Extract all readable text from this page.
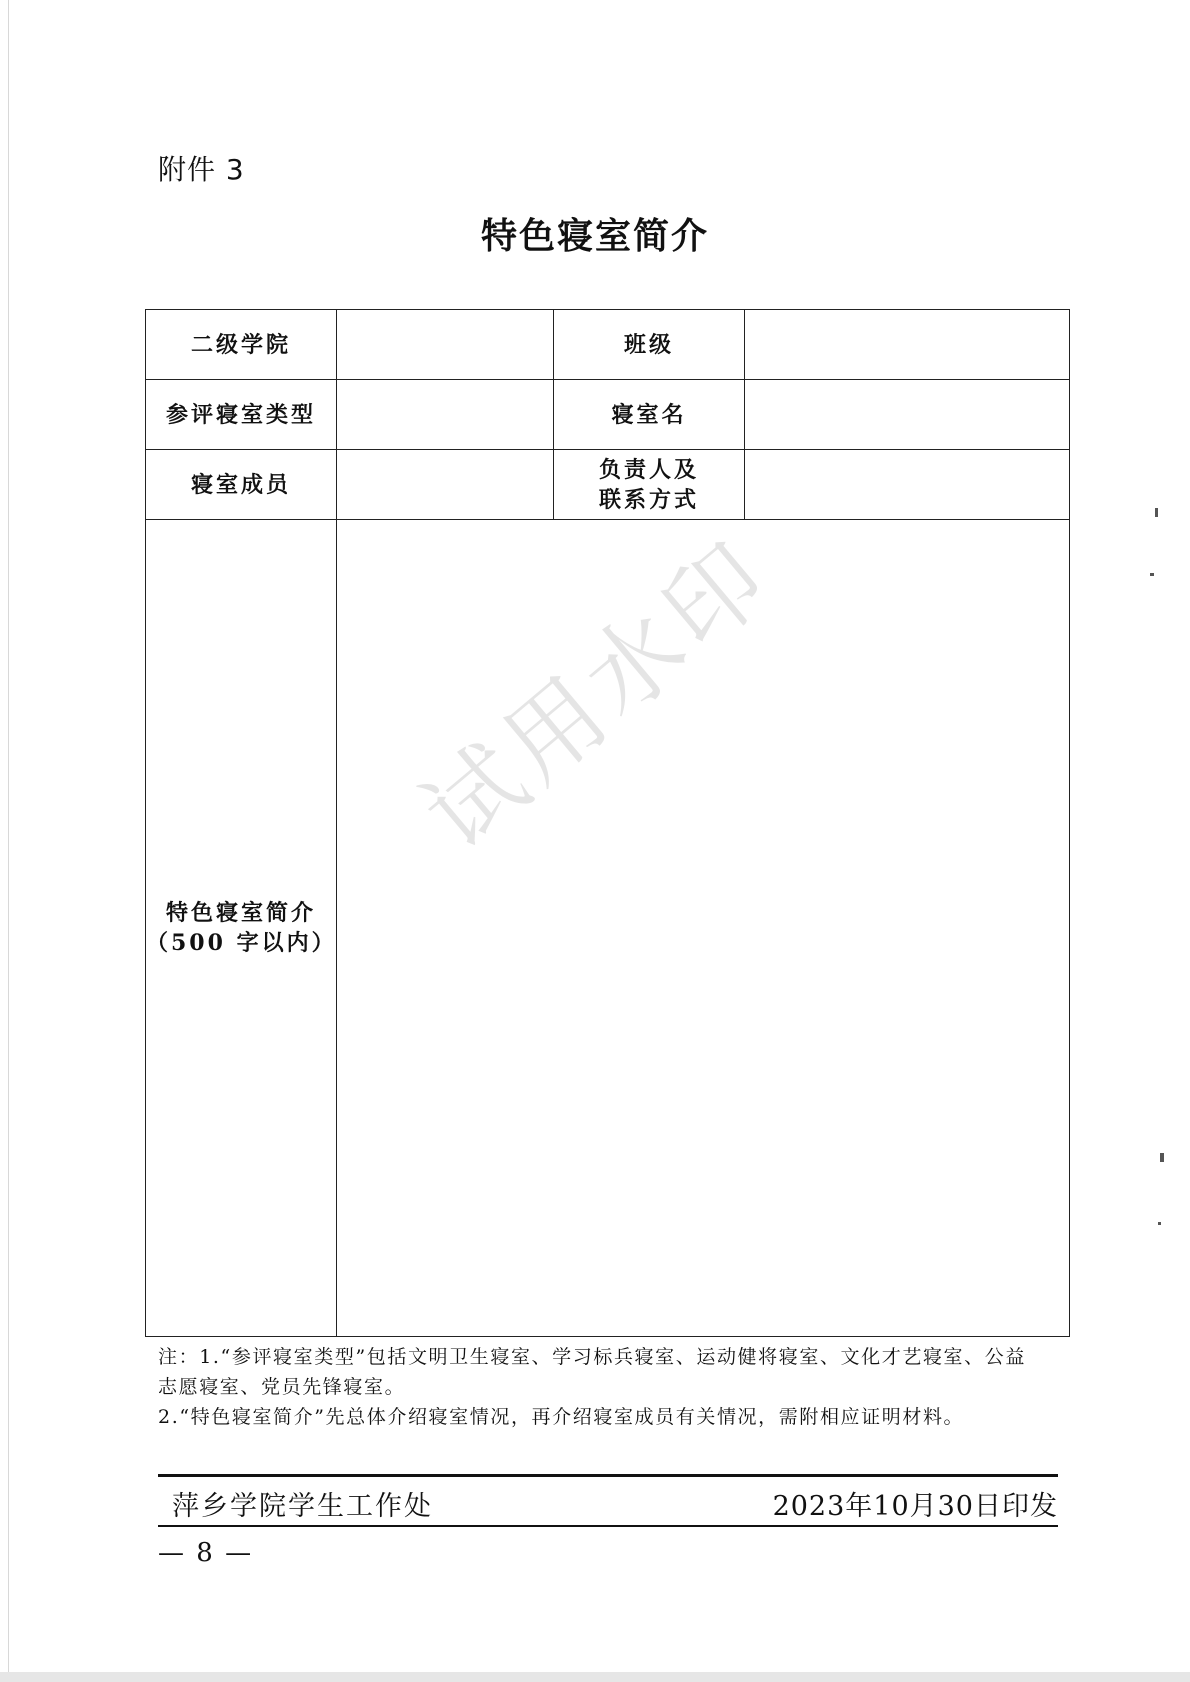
附件 3
特色寝室简介
二级学院		班级	
参评寝室类型		寝室名	
寝室成员		负责人及
联系方式	

特色寝室简介
（500 字以内）			

试用水印

注：1.“参评寝室类型”包括文明卫生寝室、学习标兵寝室、运动健将寝室、文化才艺寝室、公益

志愿寝室、党员先锋寝室。

2.“特色寝室简介”先总体介绍寝室情况，再介绍寝室成员有关情况，需附相应证明材料。

萍乡学院学生工作处	2023年10月30日印发
— 8 —
